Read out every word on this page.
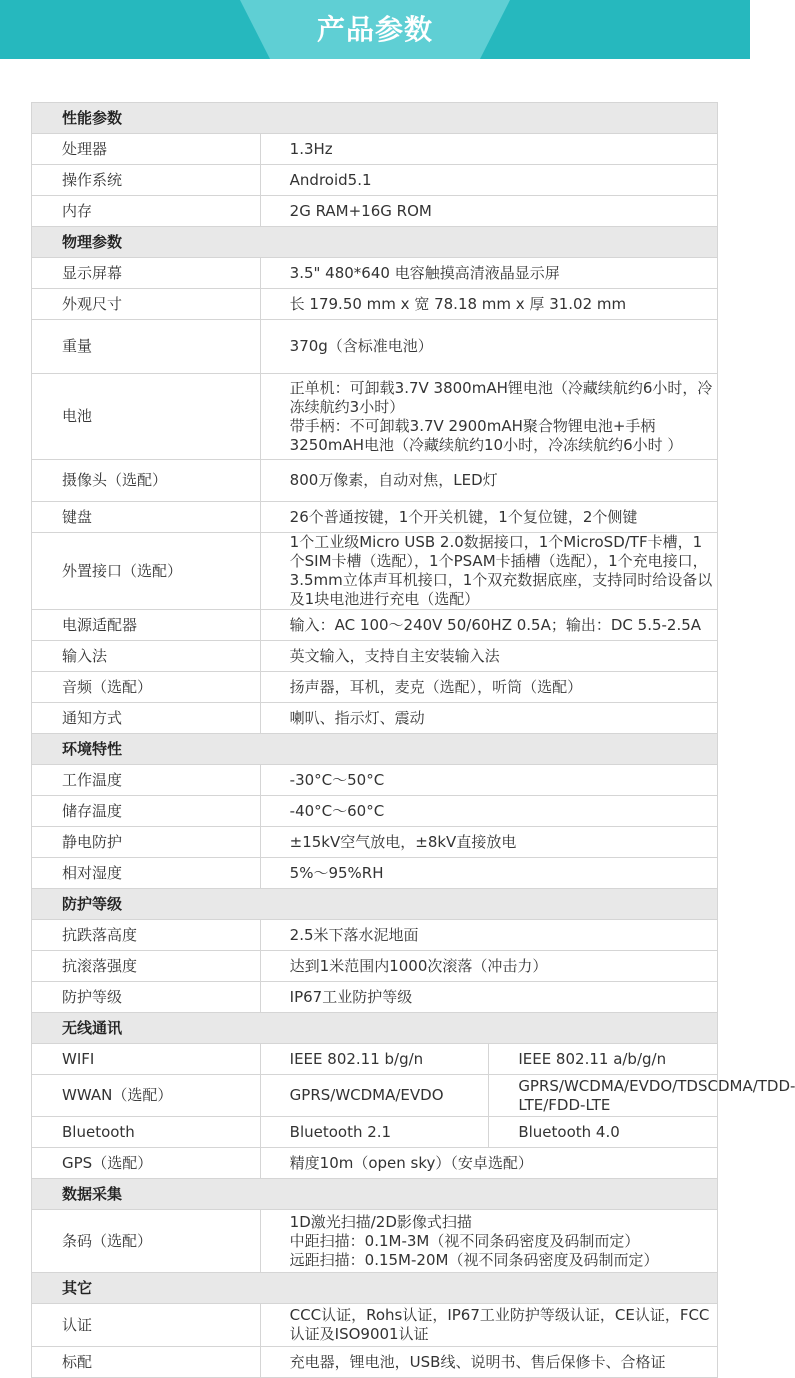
产品参数
性能参数		
处理器	1.3Hz	
操作系统	Android5.1	
内存	2G RAM+16G ROM	
物理参数		
显示屏幕	3.5" 480*640 电容触摸高清液晶显示屏	
外观尺寸	长 179.50 mm x 宽 78.18 mm x 厚 31.02 mm	
重量	370g（含标准电池）	
电池	正单机：可卸载3.7V 3800mAH锂电池（冷藏续航约6小时，冷冻续航约3小时）
带手柄：不可卸载3.7V 2900mAH聚合物锂电池+手柄3250mAH电池（冷藏续航约10小时，冷冻续航约6小时 ）	
摄像头（选配）	800万像素，自动对焦，LED灯	
键盘	26个普通按键，1个开关机键，1个复位键，2个侧键	
外置接口（选配）	1个工业级Micro USB 2.0数据接口，1个MicroSD/TF卡槽，1个SIM卡槽（选配），1个PSAM卡插槽（选配），1个充电接口，3.5mm立体声耳机接口，1个双充数据底座，支持同时给设备以及1块电池进行充电（选配）	
电源适配器	输入：AC 100～240V 50/60HZ 0.5A；输出：DC 5.5-2.5A	
输入法	英文输入，支持自主安装输入法	
音频（选配）	扬声器，耳机，麦克（选配），听筒（选配）	
通知方式	喇叭、指示灯、震动	
环境特性		
工作温度	-30°C～50°C	
储存温度	-40°C～60°C	
静电防护	±15kV空气放电，±8kV直接放电	
相对湿度	5%～95%RH	
防护等级		
抗跌落高度	2.5米下落水泥地面	
抗滚落强度	达到1米范围内1000次滚落（冲击力）	
防护等级	IP67工业防护等级	
无线通讯		
WIFI	IEEE 802.11 b/g/n	IEEE 802.11 a/b/g/n
WWAN（选配）	GPRS/WCDMA/EVDO	GPRS/WCDMA/EVDO/TDSCDMA/TDD-LTE/FDD-LTE
Bluetooth	Bluetooth 2.1	Bluetooth 4.0
GPS（选配）	精度10m（open sky）（安卓选配）	
数据采集		
条码（选配）	1D激光扫描/2D影像式扫描
中距扫描：0.1M-3M（视不同条码密度及码制而定）
远距扫描：0.15M-20M（视不同条码密度及码制而定）	
其它		
认证	CCC认证，Rohs认证，IP67工业防护等级认证，CE认证，FCC认证及ISO9001认证	
标配	充电器，锂电池，USB线、说明书、售后保修卡、合格证	
